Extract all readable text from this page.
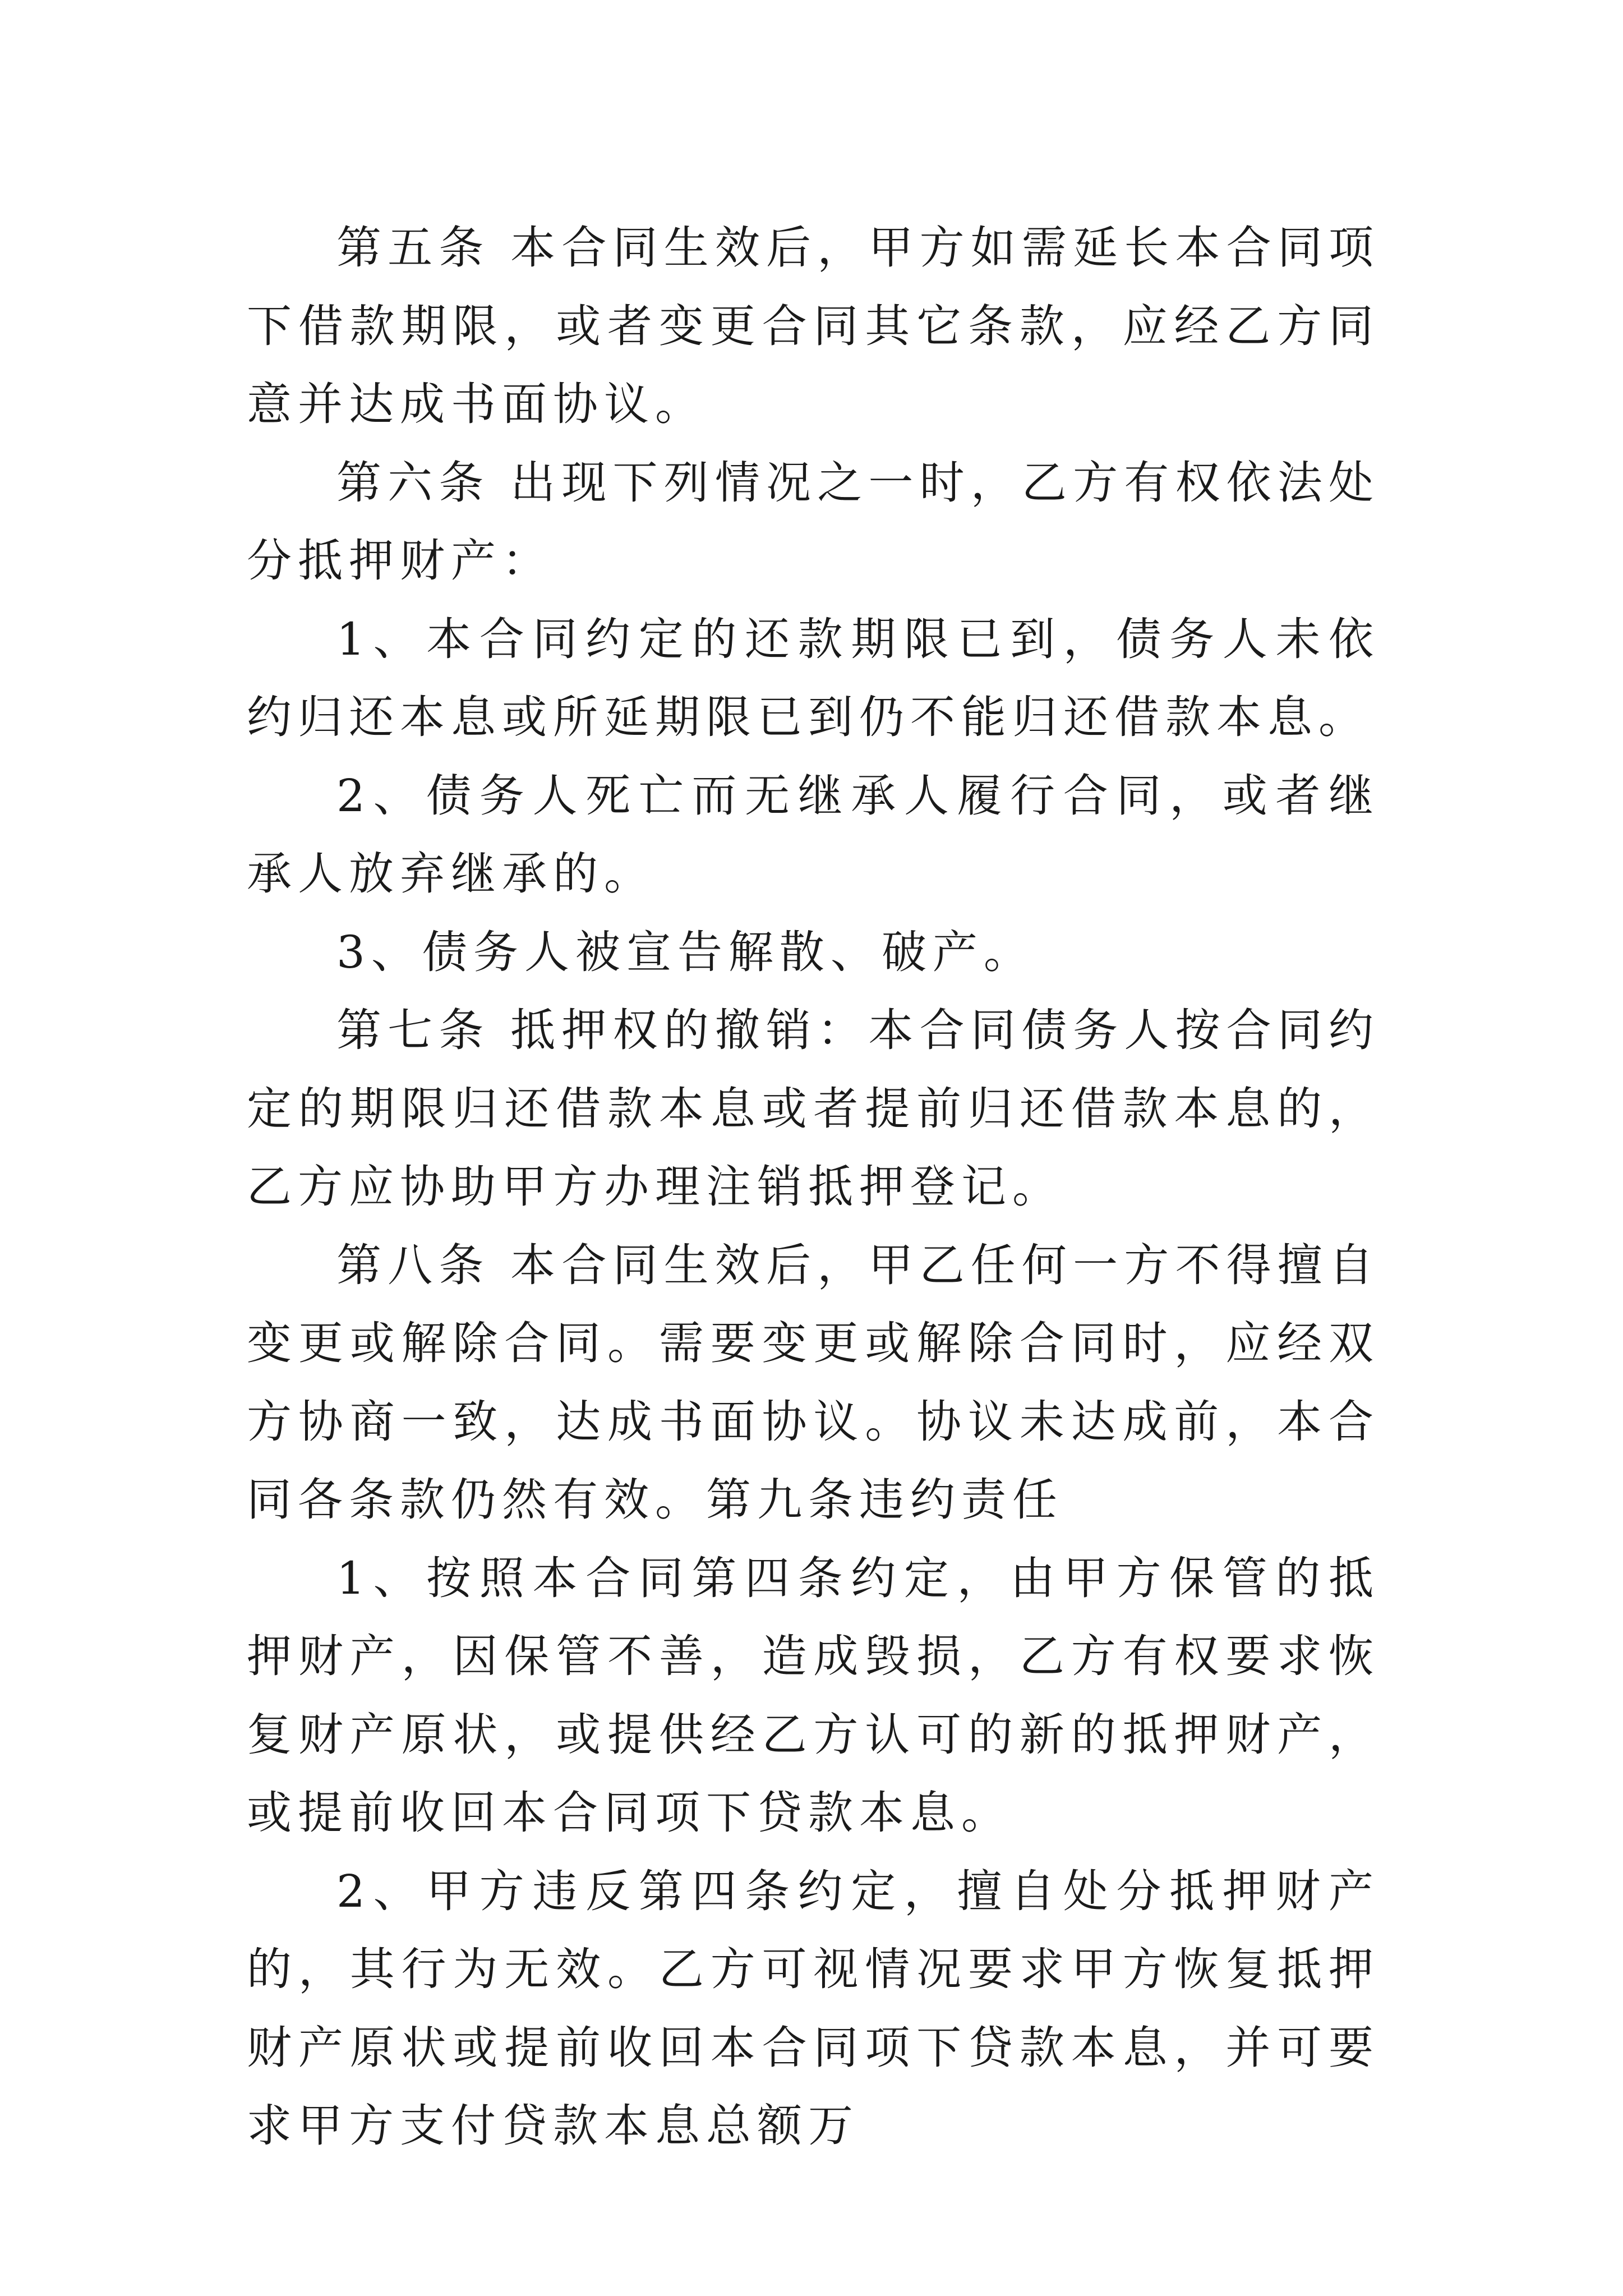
第五条 本合同生效后，甲方如需延长本合同项下借款期限，或者变更合同其它条款，应经乙方同意并达成书面协议。

第六条 出现下列情况之一时，乙方有权依法处分抵押财产：

1、本合同约定的还款期限已到，债务人未依约归还本息或所延期限已到仍不能归还借款本息。

2、债务人死亡而无继承人履行合同，或者继承人放弃继承的。

3、债务人被宣告解散、破产。

第七条 抵押权的撤销：本合同债务人按合同约定的期限归还借款本息或者提前归还借款本息的，乙方应协助甲方办理注销抵押登记。

第八条 本合同生效后，甲乙任何一方不得擅自变更或解除合同。需要变更或解除合同时，应经双方协商一致，达成书面协议。协议未达成前，本合同各条款仍然有效。第九条违约责任

1、按照本合同第四条约定，由甲方保管的抵押财产，因保管不善，造成毁损，乙方有权要求恢复财产原状，或提供经乙方认可的新的抵押财产，或提前收回本合同项下贷款本息。

2、甲方违反第四条约定，擅自处分抵押财产的，其行为无效。乙方可视情况要求甲方恢复抵押财产原状或提前收回本合同项下贷款本息，并可要求甲方支付贷款本息总额万
